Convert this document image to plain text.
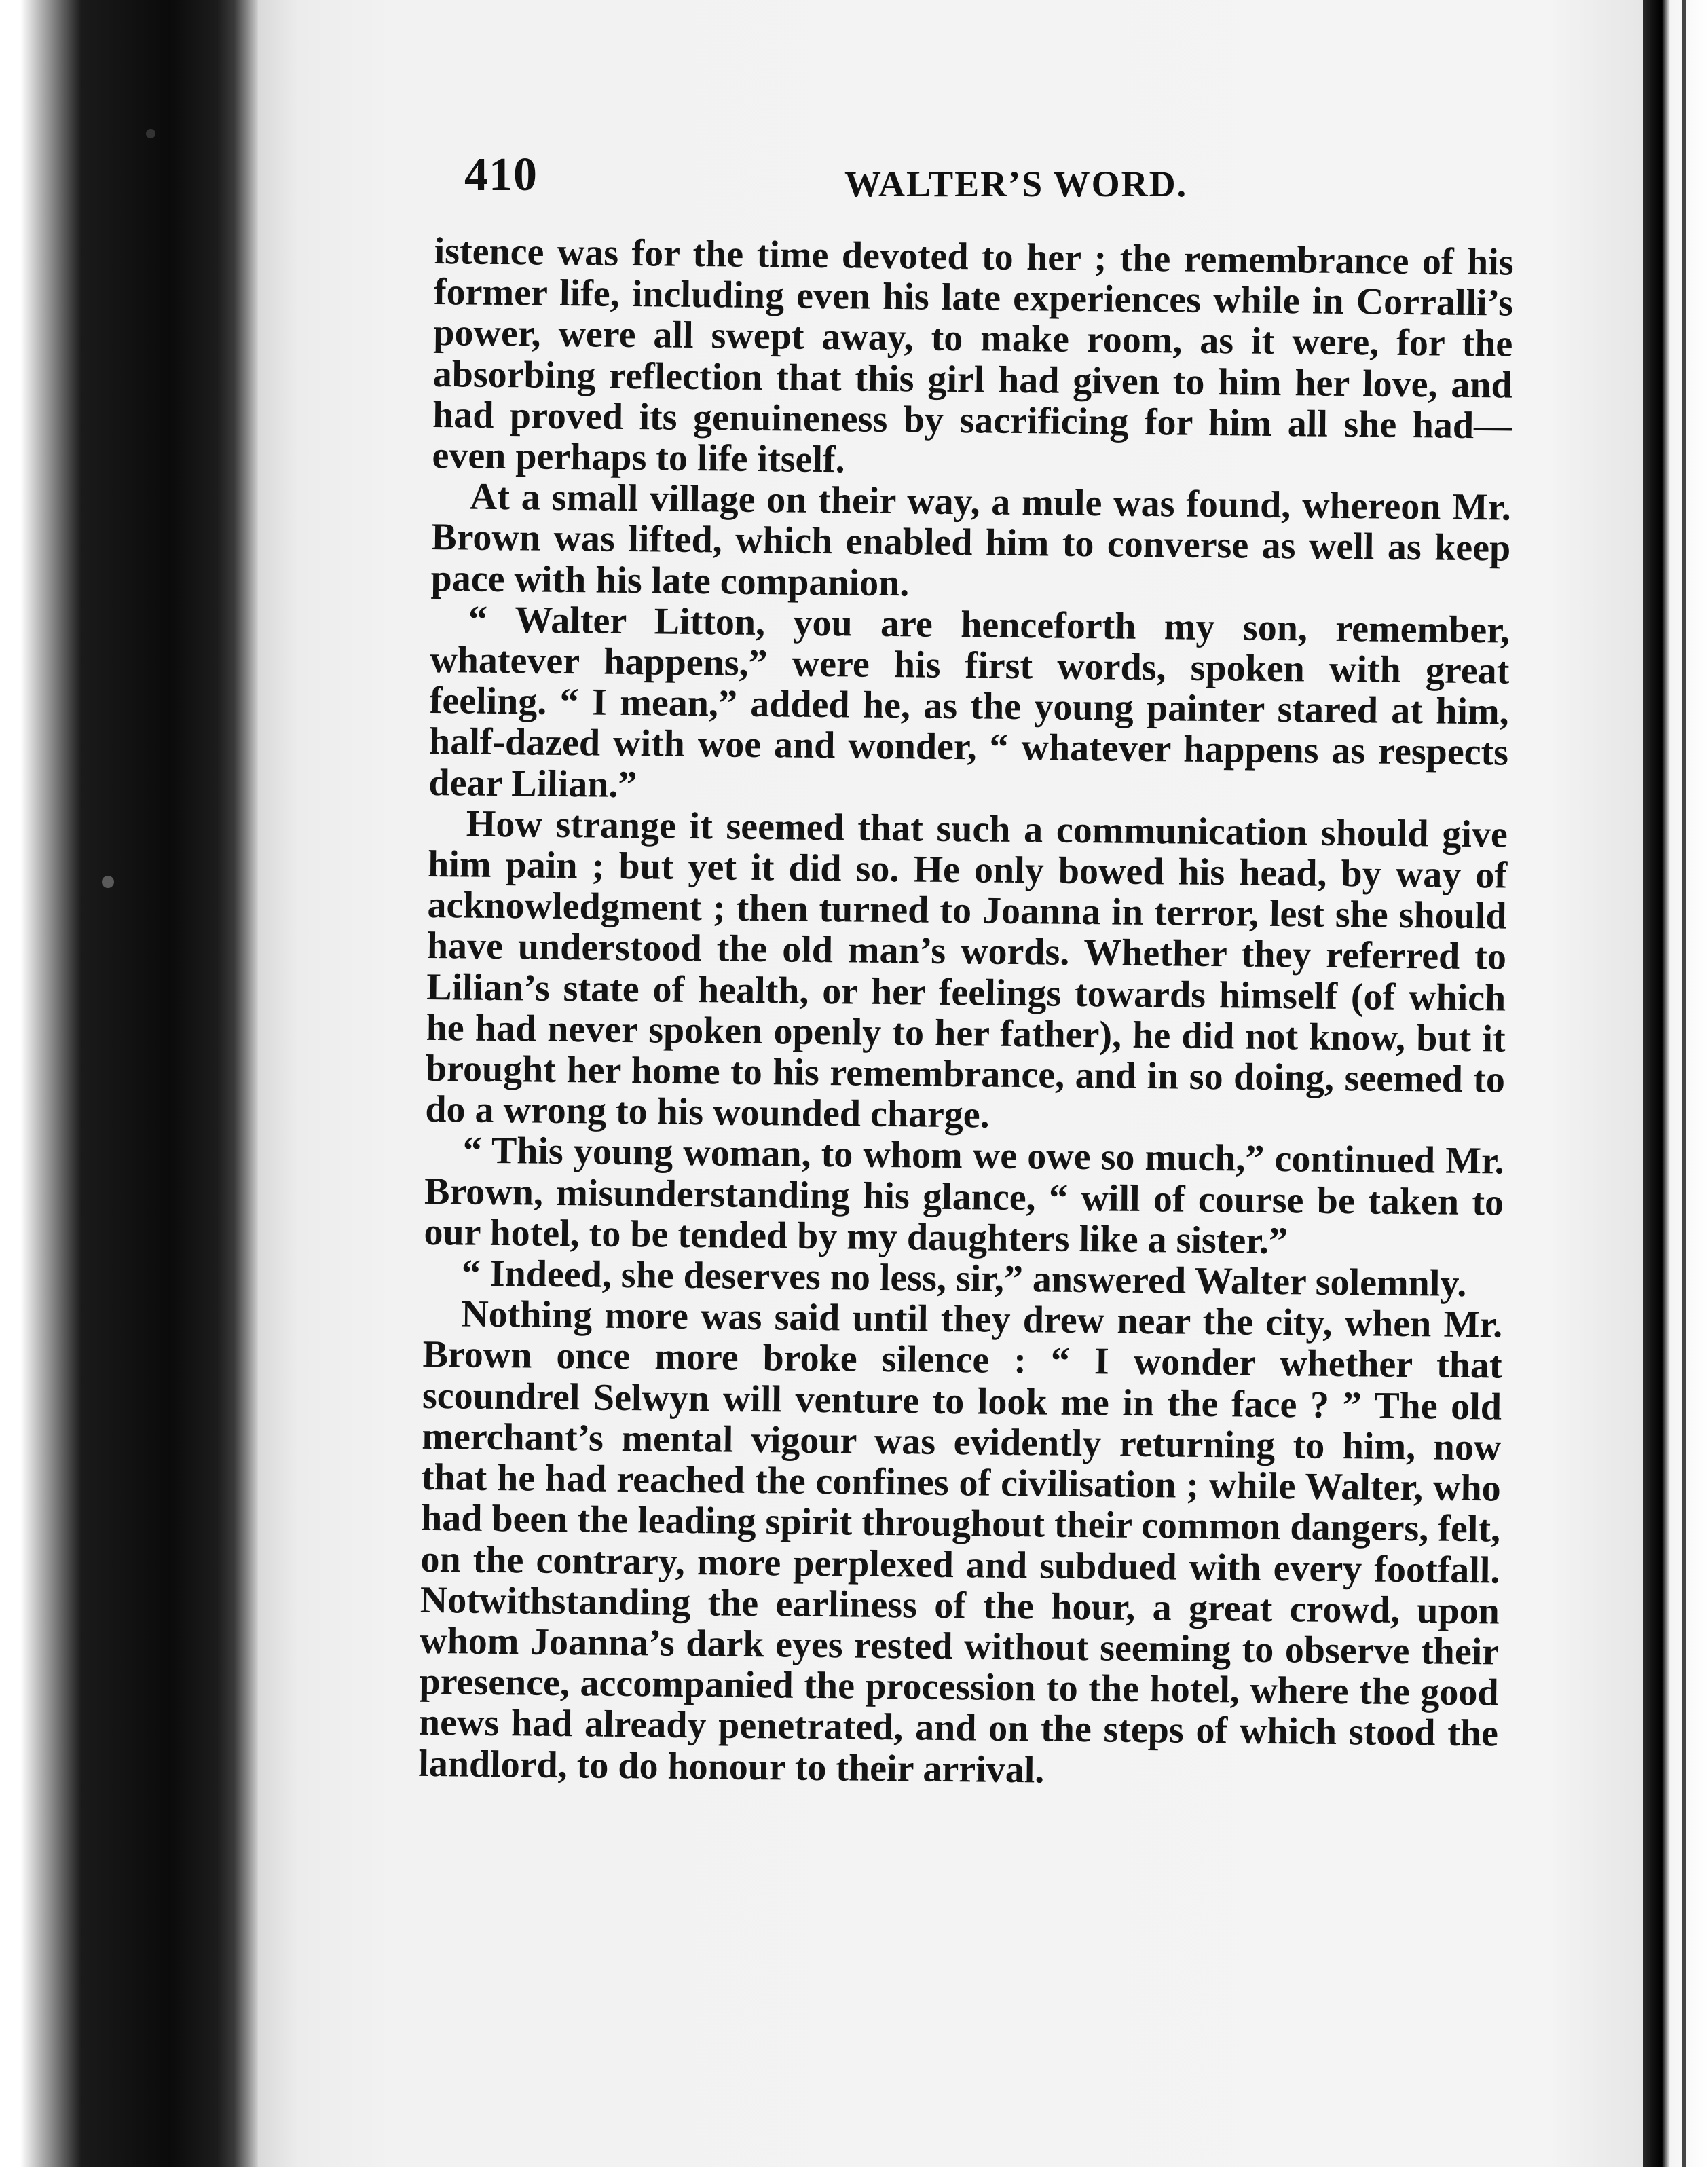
410	WALTER’S WORD.

istence was for the time devoted to her ; the remembrance of his former life, including even his late experiences while in Corralli’s power, were all swept away, to make room, as it were, for the absorbing reflection that this girl had given to him her love, and had proved its genuineness by sacrificing for him all she had—even perhaps to life itself.

At a small village on their way, a mule was found, whereon Mr. Brown was lifted, which enabled him to converse as well as keep pace with his late companion.

“ Walter Litton, you are henceforth my son, remember, whatever happens,” were his first words, spoken with great feeling. “ I mean,” added he, as the young painter stared at him, half-dazed with woe and wonder, “ whatever happens as respects dear Lilian.”

How strange it seemed that such a communication should give him pain ; but yet it did so. He only bowed his head, by way of acknowledgment ; then turned to Joanna in terror, lest she should have understood the old man’s words. Whether they referred to Lilian’s state of health, or her feelings towards himself (of which he had never spoken openly to her father), he did not know, but it brought her home to his remembrance, and in so doing, seemed to do a wrong to his wounded charge.

“ This young woman, to whom we owe so much,” continued Mr. Brown, misunderstanding his glance, “ will of course be taken to our hotel, to be tended by my daughters like a sister.”

“ Indeed, she deserves no less, sir,” answered Walter solemnly.

Nothing more was said until they drew near the city, when Mr. Brown once more broke silence : “ I wonder whether that scoundrel Selwyn will venture to look me in the face ? ” The old merchant’s mental vigour was evidently returning to him, now that he had reached the confines of civilisation ; while Walter, who had been the leading spirit throughout their common dangers, felt, on the contrary, more perplexed and subdued with every footfall. Notwithstanding the earliness of the hour, a great crowd, upon whom Joanna’s dark eyes rested without seeming to observe their presence, accompanied the procession to the hotel, where the good news had already penetrated, and on the steps of which stood the landlord, to do honour to their arrival.
